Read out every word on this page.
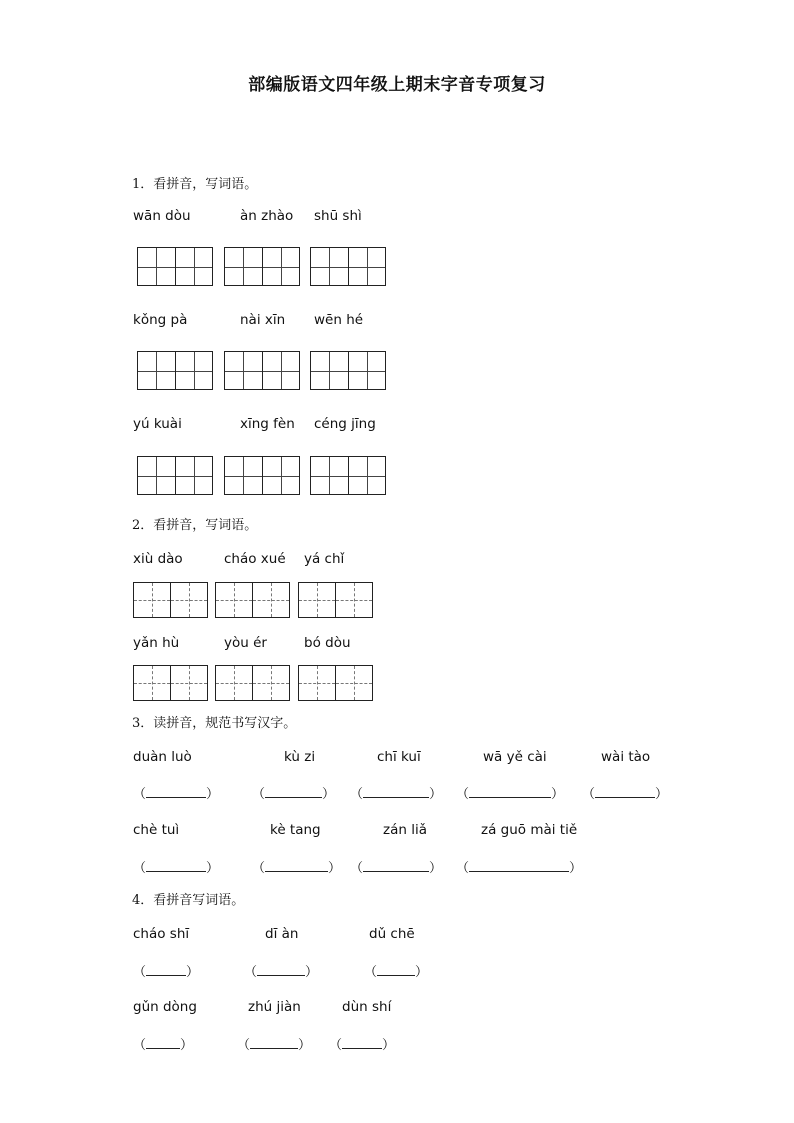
部编版语文四年级上期末字音专项复习
1．看拼音，写词语。
wān dòu	àn zhào shū shì
kǒng pà	nài xīn wēn hé
yú kuài	xīng fèn céng jīng
2．看拼音，写词语。
xiù dào	cháo xué yá chǐ
yǎn hù	yòu ér	bó dòu
3．读拼音，规范书写汉字。
duàn luò
（	）
kù zi
（	）
chī kuī
（	）
wā yě cài
（	）
wài tào
（	）
chè tuì
（	）
kè tang
（	）
zán liǎ
（	）
zá guō mài tiě
（	）
4．看拼音写词语。
cháo shī
（	）
dī àn
（	）
dǔ chē
（	）
gǔn dòng
（	）
zhú jiàn
（	）
dùn shí
（	）
